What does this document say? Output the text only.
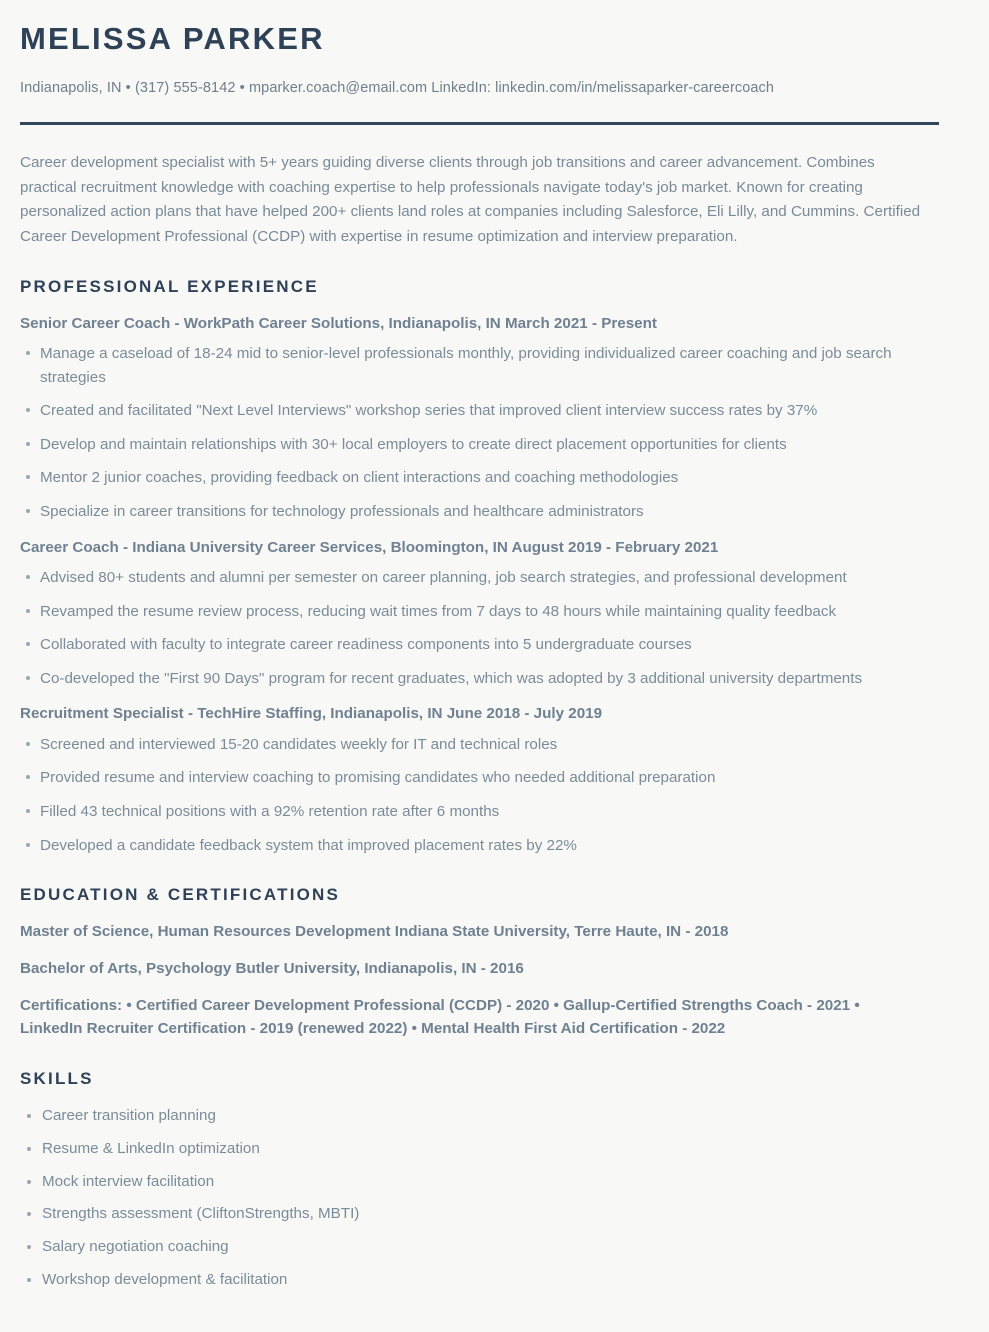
MELISSA PARKER

Indianapolis, IN • (317) 555-8142 • mparker.coach@email.com LinkedIn: linkedin.com/in/melissaparker-careercoach

Career development specialist with 5+ years guiding diverse clients through job transitions and career advancement. Combines practical recruitment knowledge with coaching expertise to help professionals navigate today's job market. Known for creating personalized action plans that have helped 200+ clients land roles at companies including Salesforce, Eli Lilly, and Cummins. Certified Career Development Professional (CCDP) with expertise in resume optimization and interview preparation.

PROFESSIONAL EXPERIENCE
Senior Career Coach - WorkPath Career Solutions, Indianapolis, IN March 2021 - Present
Manage a caseload of 18-24 mid to senior-level professionals monthly, providing individualized career coaching and job search strategies
Created and facilitated "Next Level Interviews" workshop series that improved client interview success rates by 37%
Develop and maintain relationships with 30+ local employers to create direct placement opportunities for clients
Mentor 2 junior coaches, providing feedback on client interactions and coaching methodologies
Specialize in career transitions for technology professionals and healthcare administrators
Career Coach - Indiana University Career Services, Bloomington, IN August 2019 - February 2021
Advised 80+ students and alumni per semester on career planning, job search strategies, and professional development
Revamped the resume review process, reducing wait times from 7 days to 48 hours while maintaining quality feedback
Collaborated with faculty to integrate career readiness components into 5 undergraduate courses
Co-developed the "First 90 Days" program for recent graduates, which was adopted by 3 additional university departments
Recruitment Specialist - TechHire Staffing, Indianapolis, IN June 2018 - July 2019
Screened and interviewed 15-20 candidates weekly for IT and technical roles
Provided resume and interview coaching to promising candidates who needed additional preparation
Filled 43 technical positions with a 92% retention rate after 6 months
Developed a candidate feedback system that improved placement rates by 22%
EDUCATION & CERTIFICATIONS
Master of Science, Human Resources Development Indiana State University, Terre Haute, IN - 2018
Bachelor of Arts, Psychology Butler University, Indianapolis, IN - 2016
Certifications: • Certified Career Development Professional (CCDP) - 2020 • Gallup-Certified Strengths Coach - 2021 • LinkedIn Recruiter Certification - 2019 (renewed 2022) • Mental Health First Aid Certification - 2022
SKILLS
Career transition planning
Resume & LinkedIn optimization
Mock interview facilitation
Strengths assessment (CliftonStrengths, MBTI)
Salary negotiation coaching
Workshop development & facilitation
